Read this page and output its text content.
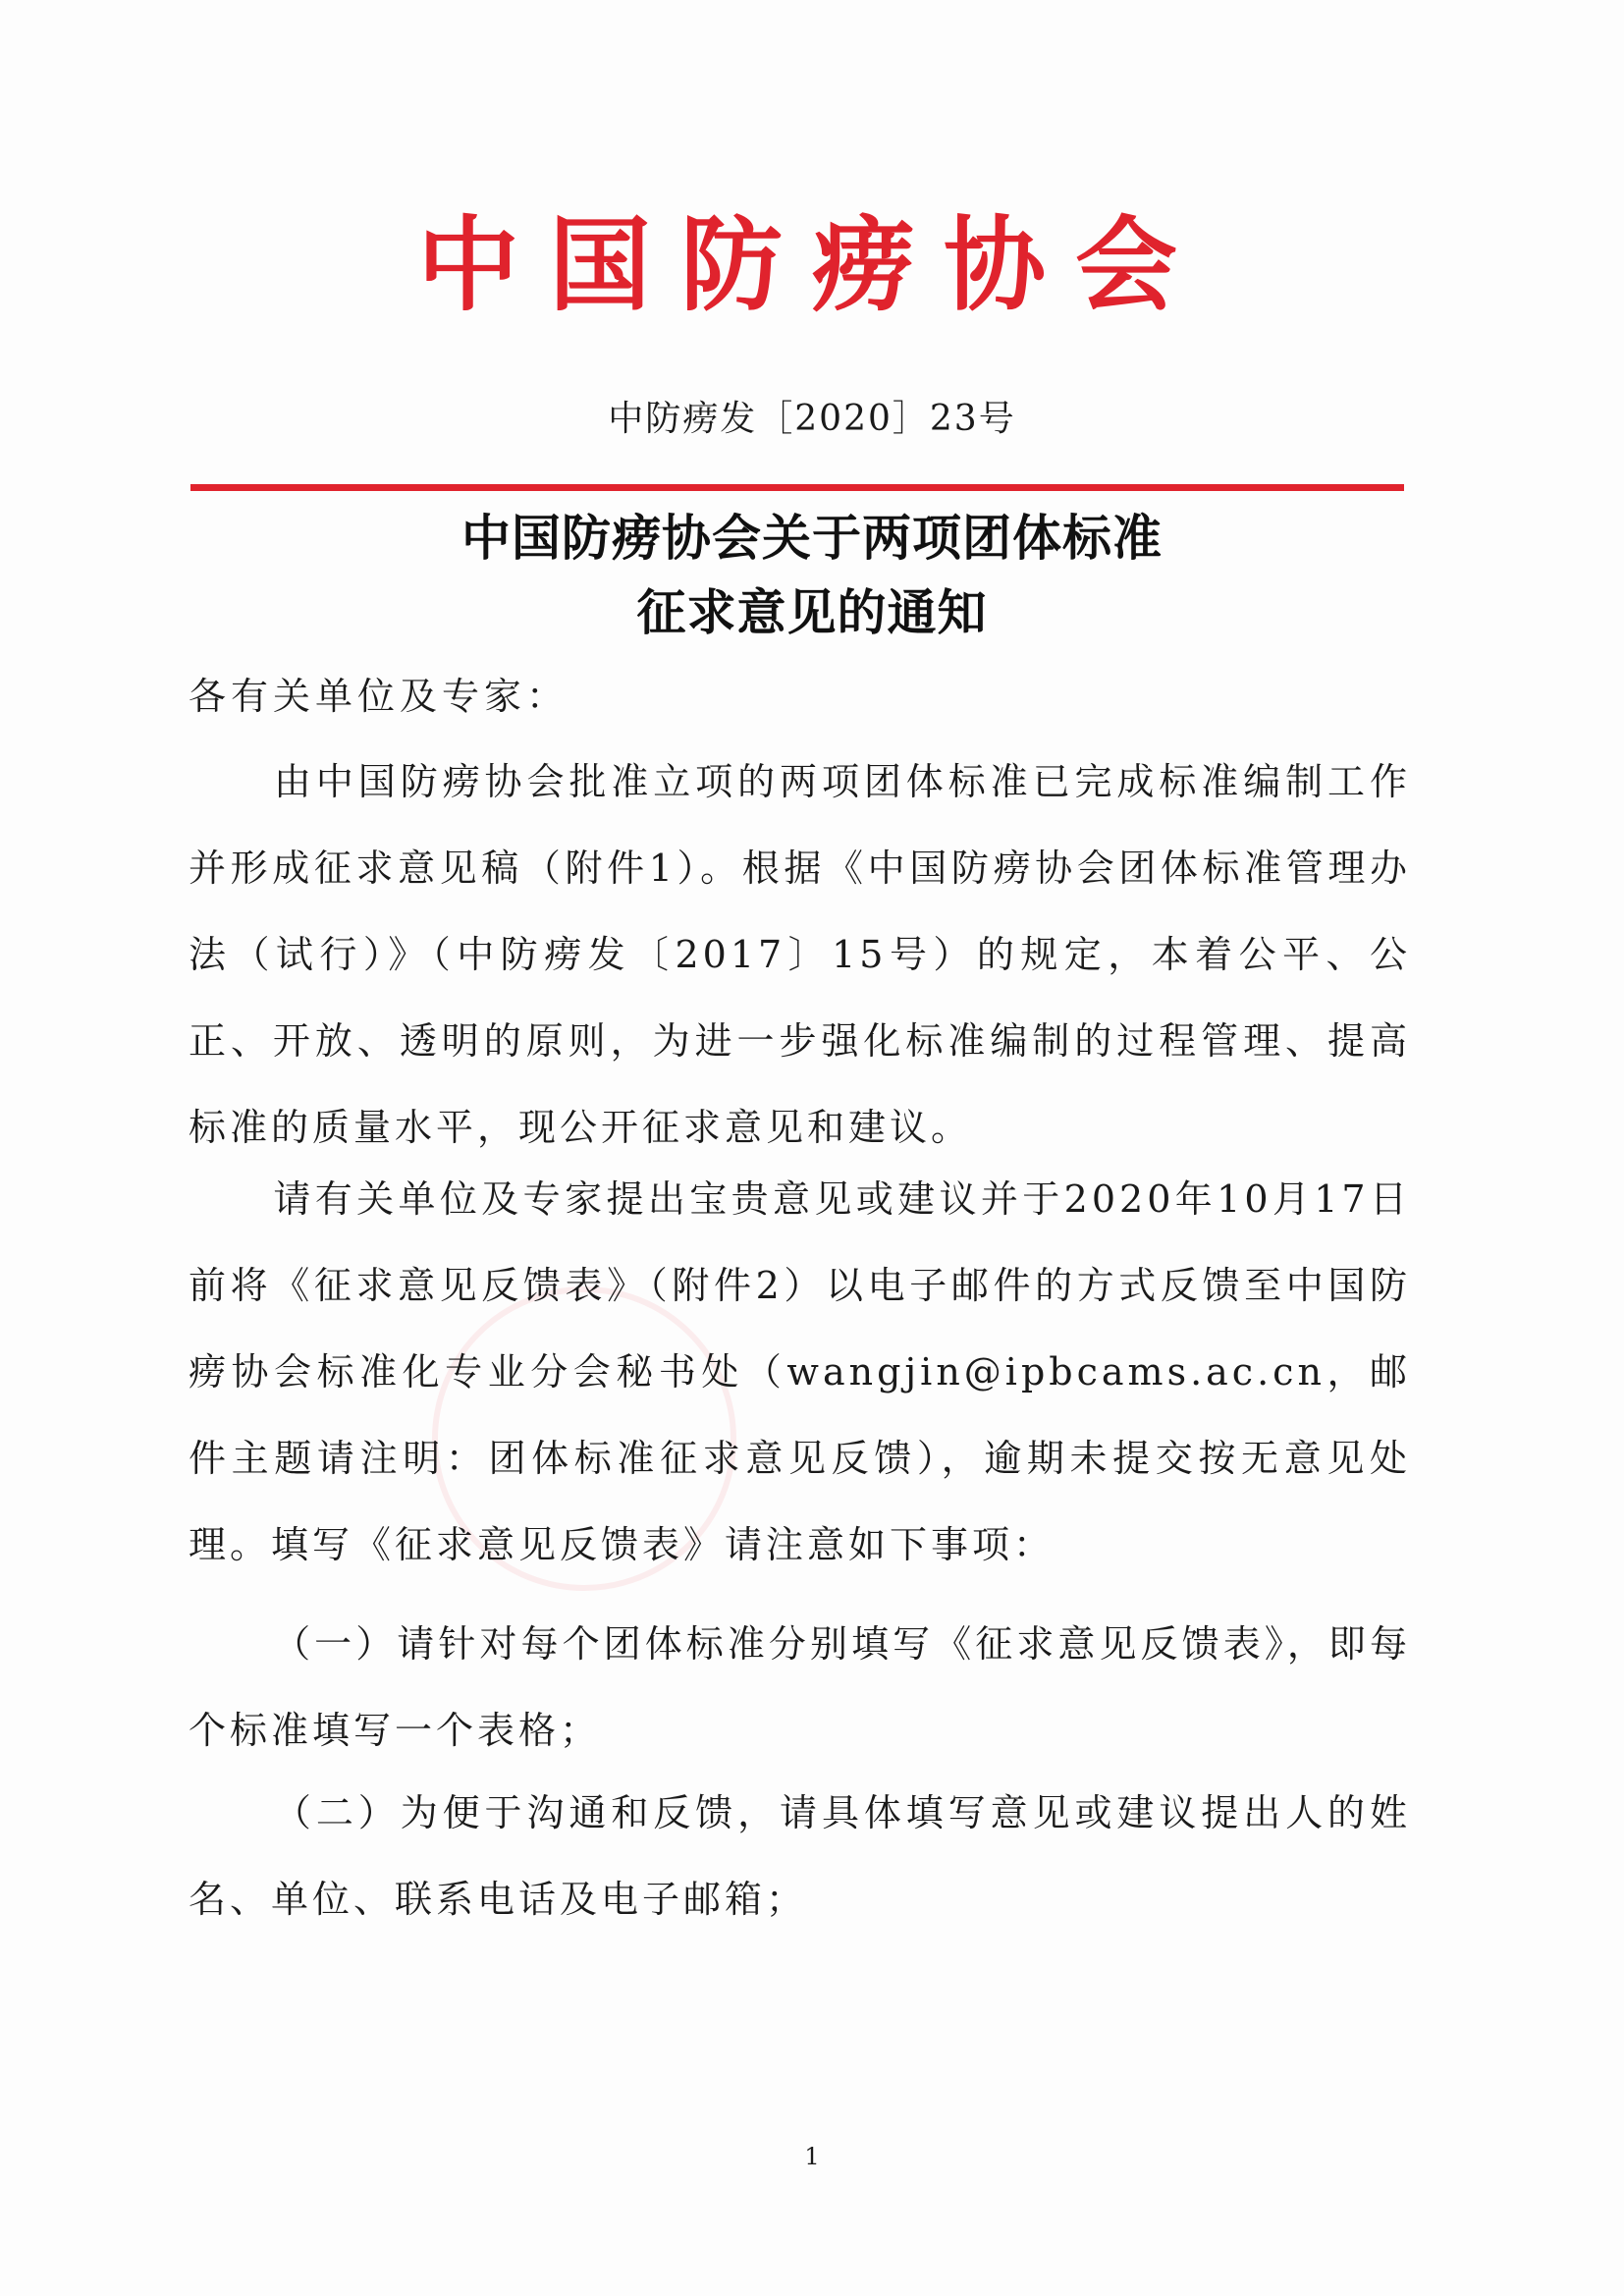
中国防痨协会
中防痨发［2020］23号
中国防痨协会关于两项团体标准
征求意见的通知
各有关单位及专家：

由中国防痨协会批准立项的两项团体标准已完成标准编制工作并形成征求意见稿（附件1）。根据《中国防痨协会团体标准管理办法（试行）》（中防痨发〔2017〕15号）的规定，本着公平、公正、开放、透明的原则，为进一步强化标准编制的过程管理、提高标准的质量水平，现公开征求意见和建议。

请有关单位及专家提出宝贵意见或建议并于2020年10月17日前将《征求意见反馈表》（附件2）以电子邮件的方式反馈至中国防痨协会标准化专业分会秘书处（wangjin@ipbcams.ac.cn，邮件主题请注明：团体标准征求意见反馈），逾期未提交按无意见处理。填写《征求意见反馈表》请注意如下事项：

（一）请针对每个团体标准分别填写《征求意见反馈表》，即每个标准填写一个表格；

（二）为便于沟通和反馈，请具体填写意见或建议提出人的姓名、单位、联系电话及电子邮箱；

1
